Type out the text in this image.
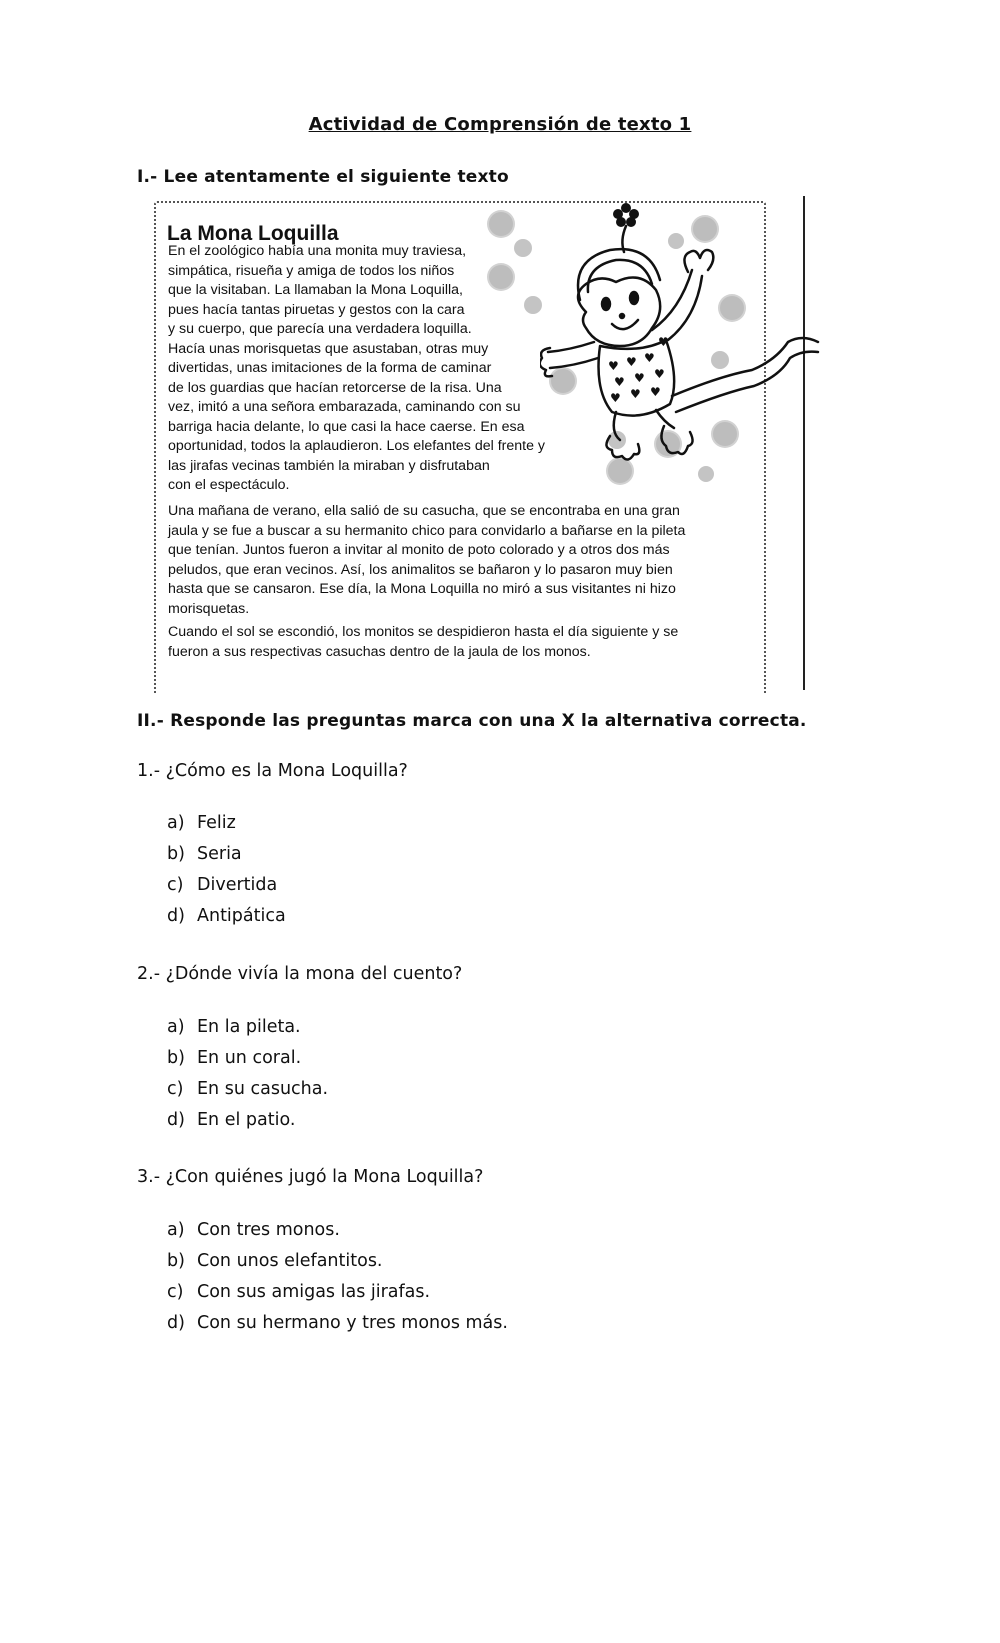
Actividad de Comprensión de texto 1
I.- Lee atentamente el siguiente texto
♥ ♥ ♥
♥ ♥ ♥
♥ ♥ ♥
♥
La Mona Loquilla

En el zoológico había una monita muy traviesa,

simpática, risueña y amiga de todos los niños

que la visitaban. La llamaban la Mona Loquilla,

pues hacía tantas piruetas y gestos con la cara

y su cuerpo, que parecía una verdadera loquilla.

Hacía unas morisquetas que asustaban, otras muy

divertidas, unas imitaciones de la forma de caminar

de los guardias que hacían retorcerse de la risa. Una

vez, imitó a una señora embarazada, caminando con su

barriga hacia delante, lo que casi la hace caerse. En esa

oportunidad, todos la aplaudieron. Los elefantes del frente y

las jirafas vecinas también la miraban y disfrutaban

con el espectáculo.

Una mañana de verano, ella salió de su casucha, que se encontraba en una gran

jaula y se fue a buscar a su hermanito chico para convidarlo a bañarse en la pileta

que tenían. Juntos fueron a invitar al monito de poto colorado y a otros dos más

peludos, que eran vecinos. Así, los animalitos se bañaron y lo pasaron muy bien

hasta que se cansaron. Ese día, la Mona Loquilla no miró a sus visitantes ni hizo

morisquetas.

Cuando el sol se escondió, los monitos se despidieron hasta el día siguiente y se

fueron a sus respectivas casuchas dentro de la jaula de los monos.

II.- Responde las preguntas marca con una X la alternativa correcta.
1.- ¿Cómo es la Mona Loquilla?
a) Feliz
b) Seria
c) Divertida
d) Antipática
2.- ¿Dónde vivía la mona del cuento?
a) En la pileta.
b) En un coral.
c) En su casucha.
d) En el patio.
3.- ¿Con quiénes jugó la Mona Loquilla?
a) Con tres monos.
b) Con unos elefantitos.
c) Con sus amigas las jirafas.
d) Con su hermano y tres monos más.
